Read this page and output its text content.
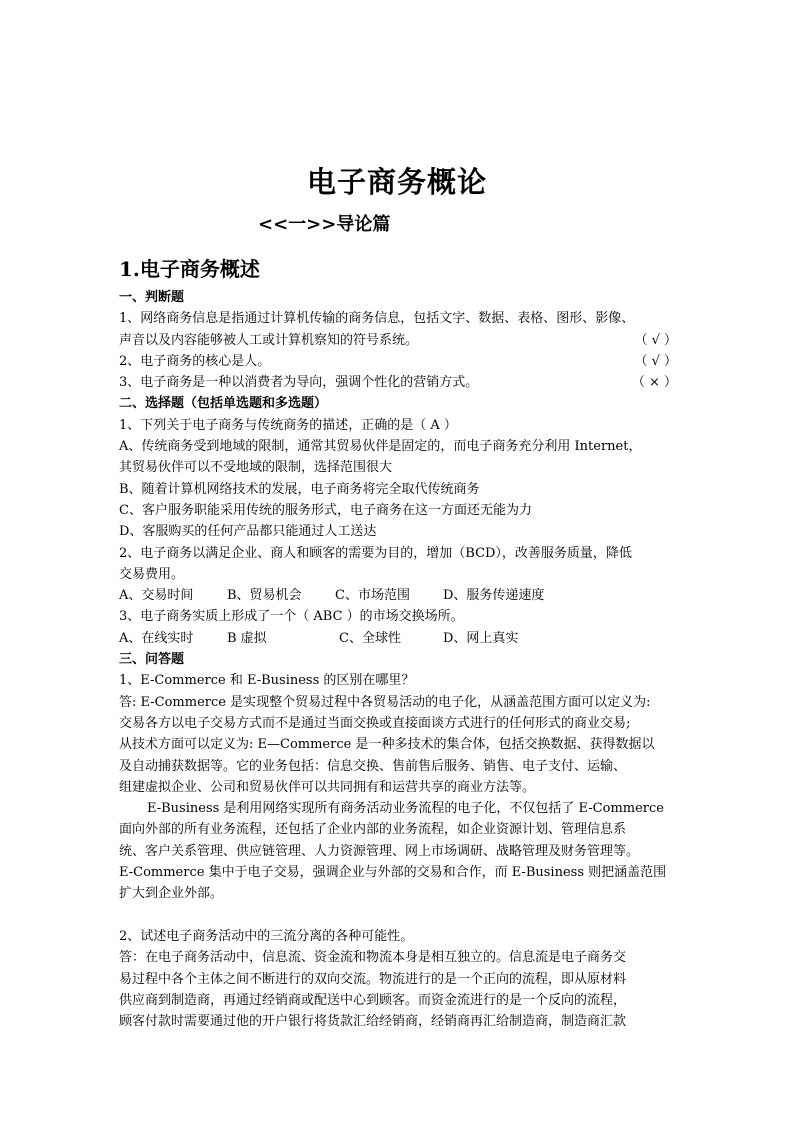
电子商务概论
<<一>>导论篇
1.电子商务概述
一、判断题
1、网络商务信息是指通过计算机传输的商务信息，包括文字、数据、表格、图形、影像、
声音以及内容能够被人工或计算机察知的符号系统。	（ √ ）
2、电子商务的核心是人。	（ √ ）
3、电子商务是一种以消费者为导向，强调个性化的营销方式。	（ × ）
二、选择题（包括单选题和多选题）
1、下列关于电子商务与传统商务的描述，正确的是（ A ）
A、传统商务受到地域的限制，通常其贸易伙伴是固定的，而电子商务充分利用 Internet，
其贸易伙伴可以不受地域的限制，选择范围很大
B、随着计算机网络技术的发展，电子商务将完全取代传统商务
C、客户服务职能采用传统的服务形式，电子商务在这一方面还无能为力
D、客服购买的任何产品都只能通过人工送达
2、电子商务以满足企业、商人和顾客的需要为目的，增加（BCD），改善服务质量，降低
交易费用。
A、交易时间	B、贸易机会	C、市场范围	D、服务传递速度
3、电子商务实质上形成了一个（ ABC ）的市场交换场所。
A、在线实时	B 虚拟	C、全球性	D、网上真实
三、问答题
1、E-Commerce 和 E-Business 的区别在哪里？
答: E-Commerce 是实现整个贸易过程中各贸易活动的电子化，从涵盖范围方面可以定义为:
交易各方以电子交易方式而不是通过当面交换或直接面谈方式进行的任何形式的商业交易;
从技术方面可以定义为: E—Commerce 是一种多技术的集合体，包括交换数据、获得数据以
及自动捕获数据等。它的业务包括：信息交换、售前售后服务、销售、电子支付、运输、
组建虚拟企业、公司和贸易伙伴可以共同拥有和运营共享的商业方法等。
E-Business 是利用网络实现所有商务活动业务流程的电子化，不仅包括了 E-Commerce
面向外部的所有业务流程，还包括了企业内部的业务流程，如企业资源计划、管理信息系
统、客户关系管理、供应链管理、人力资源管理、网上市场调研、战略管理及财务管理等。
E-Commerce 集中于电子交易，强调企业与外部的交易和合作，而 E-Business 则把涵盖范围
扩大到企业外部。
2、试述电子商务活动中的三流分离的各种可能性。
答：在电子商务活动中，信息流、资金流和物流本身是相互独立的。信息流是电子商务交
易过程中各个主体之间不断进行的双向交流。物流进行的是一个正向的流程，即从原材料
供应商到制造商，再通过经销商或配送中心到顾客。而资金流进行的是一个反向的流程，
顾客付款时需要通过他的开户银行将货款汇给经销商，经销商再汇给制造商，制造商汇款
